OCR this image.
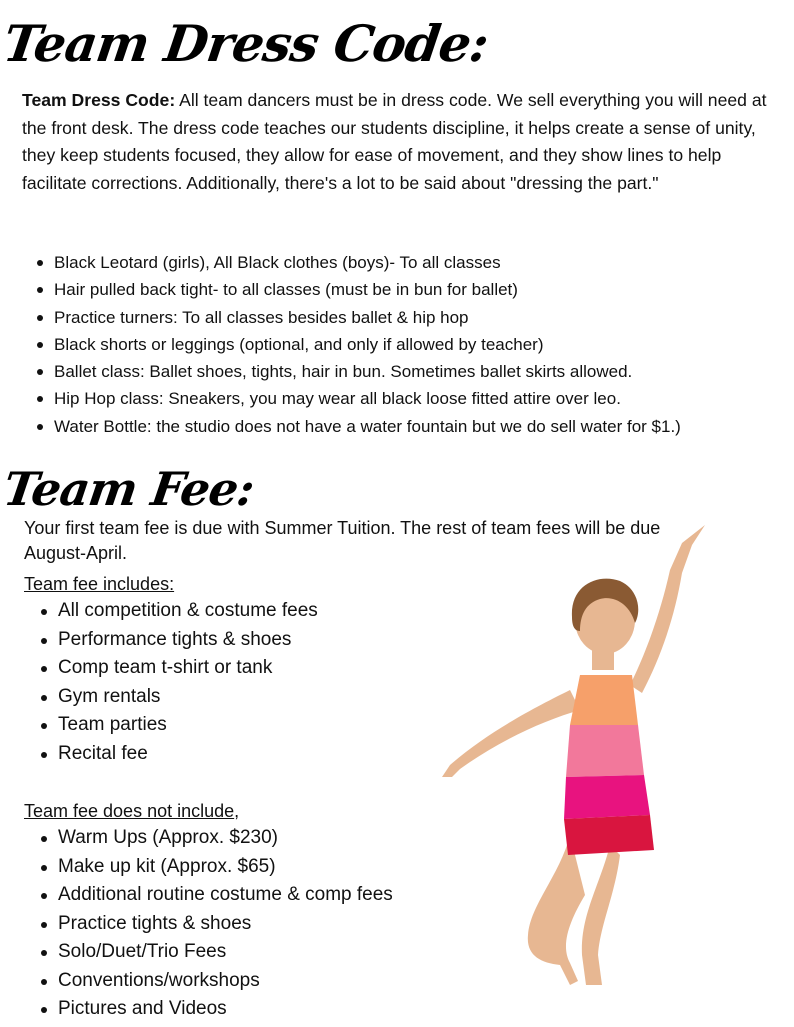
Team Dress Code:

Team Dress Code: All team dancers must be in dress code. We sell everything you will need at the front desk. The dress code teaches our students discipline, it helps create a sense of unity, they keep students focused, they allow for ease of movement, and they show lines to help facilitate corrections. Additionally, there's a lot to be said about "dressing the part."

Black Leotard (girls), All Black clothes (boys)- To all classes
Hair pulled back tight- to all classes (must be in bun for ballet)
Practice turners: To all classes besides ballet & hip hop
Black shorts or leggings (optional, and only if allowed by teacher)
Ballet class: Ballet shoes, tights, hair in bun. Sometimes ballet skirts allowed.
Hip Hop class: Sneakers, you may wear all black loose fitted attire over leo.
Water Bottle: the studio does not have a water fountain but we do sell water for $1.)
Team Fee:

Your first team fee is due with Summer Tuition. The rest of team fees will be due August-April.

Team fee includes:

All competition & costume fees
Performance tights & shoes
Comp team t-shirt or tank
Gym rentals
Team parties
Recital fee

Team fee does not include,

Warm Ups (Approx. $230)
Make up kit (Approx. $65)
Additional routine costume & comp fees
Practice tights & shoes
Solo/Duet/Trio Fees
Conventions/workshops
Pictures and Videos
